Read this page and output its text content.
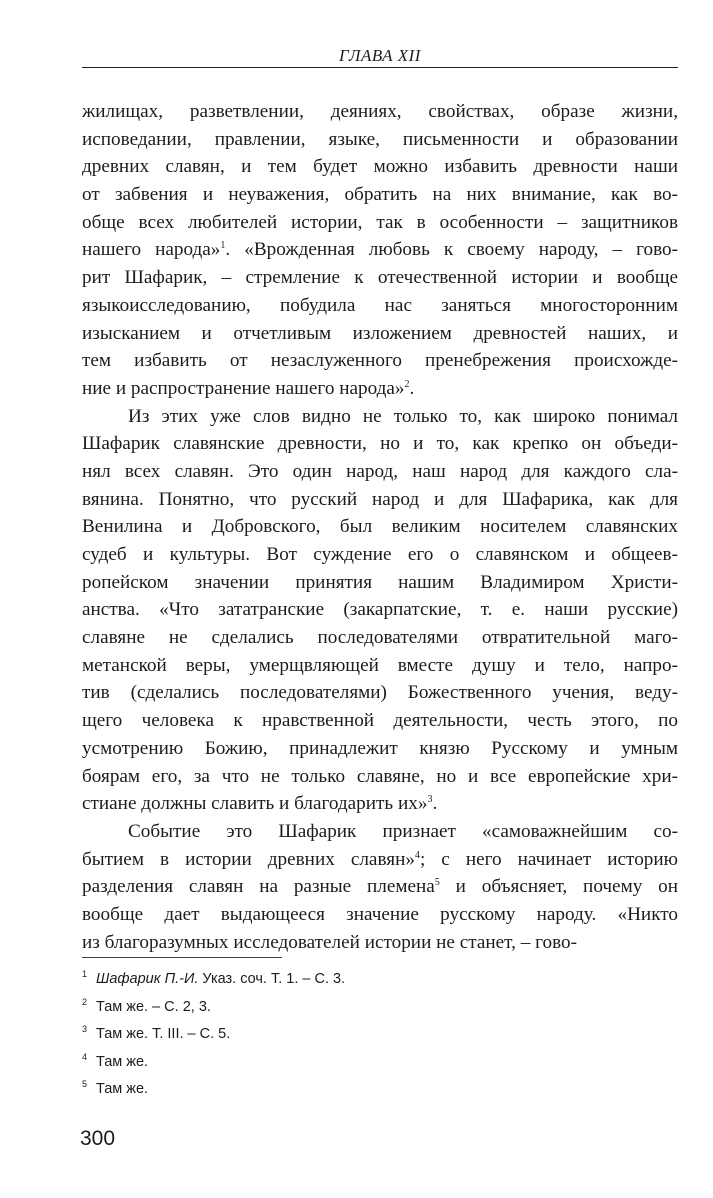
ГЛАВА XII
жилищах, разветвлении, деяниях, свойствах, образе жизни,
исповедании, правлении, языке, письменности и образовании
древних славян, и тем будет можно избавить древности наши
от забвения и неуважения, обратить на них внимание, как во-
обще всех любителей истории, так в особенности – защитников
нашего народа»$^1$. «Врожденная любовь к своему народу, – гово-
рит Шафарик, – стремление к отечественной истории и вообще
языкоисследованию, побудила нас заняться многосторонним
изысканием и отчетливым изложением древностей наших, и
тем избавить от незаслуженного пренебрежения происхожде-
ние и распространение нашего народа»$^2$.
Из этих уже слов видно не только то, как широко понимал
Шафарик славянские древности, но и то, как крепко он объеди-
нял всех славян. Это один народ, наш народ для каждого сла-
вянина. Понятно, что русский народ и для Шафарика, как для
Венилина и Добровского, был великим носителем славянских
судеб и культуры. Вот суждение его о славянском и общеев-
ропейском значении принятия нашим Владимиром Христи-
анства. «Что зататранские (закарпатские, т. е. наши русские)
славяне не сделались последователями отвратительной маго-
метанской веры, умерщвляющей вместе душу и тело, напро-
тив (сделались последователями) Божественного учения, веду-
щего человека к нравственной деятельности, честь этого, по
усмотрению Божию, принадлежит князю Русскому и умным
боярам его, за что не только славяне, но и все европейские хри-
стиане должны славить и благодарить их»$^3$.
Событие это Шафарик признает «самоважнейшим со-
бытием в истории древних славян»$^4$; с него начинает историю
разделения славян на разные племена$^5$ и объясняет, почему он
вообще дает выдающееся значение русскому народу. «Никто
из благоразумных исследователей истории не станет, – гово-
1 Шафарик П.-И. Указ. соч. Т. 1. – С. 3.
2 Там же. – С. 2, 3.
3 Там же. Т. III. – С. 5.
4 Там же.
5 Там же.
300
